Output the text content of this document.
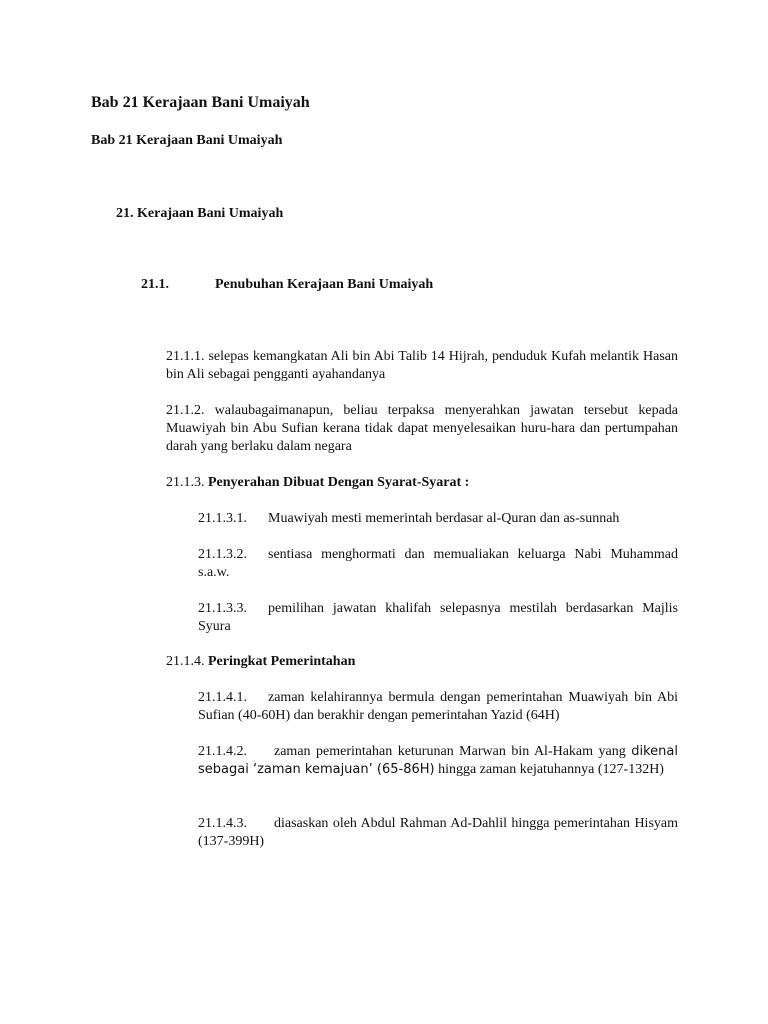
Bab 21 Kerajaan Bani Umaiyah
Bab 21 Kerajaan Bani Umaiyah
21. Kerajaan Bani Umaiyah
21.1.	Penubuhan Kerajaan Bani Umaiyah
21.1.1. selepas kemangkatan Ali bin Abi Talib 14 Hijrah, penduduk Kufah melantik Hasan bin Ali sebagai pengganti ayahandanya
21.1.2. walaubagaimanapun, beliau terpaksa menyerahkan jawatan tersebut kepada Muawiyah bin Abu Sufian kerana tidak dapat menyelesaikan huru-hara dan pertumpahan darah yang berlaku dalam negara
21.1.3. Penyerahan Dibuat Dengan Syarat-Syarat :
21.1.3.1. Muawiyah mesti memerintah berdasar al-Quran dan as-sunnah
21.1.3.2. sentiasa menghormati dan memualiakan keluarga Nabi Muhammad s.a.w.
21.1.3.3. pemilihan jawatan khalifah selepasnya mestilah berdasarkan Majlis Syura
21.1.4. Peringkat Pemerintahan
21.1.4.1. zaman kelahirannya bermula dengan pemerintahan Muawiyah bin Abi Sufian (40-60H) dan berakhir dengan pemerintahan Yazid (64H)
21.1.4.2. zaman pemerintahan keturunan Marwan bin Al-Hakam yang dikenal sebagai ‘zaman kemajuan’ (65-86H) hingga zaman kejatuhannya (127-132H)
21.1.4.3. diasaskan oleh Abdul Rahman Ad-Dahlil hingga pemerintahan Hisyam (137-399H)
